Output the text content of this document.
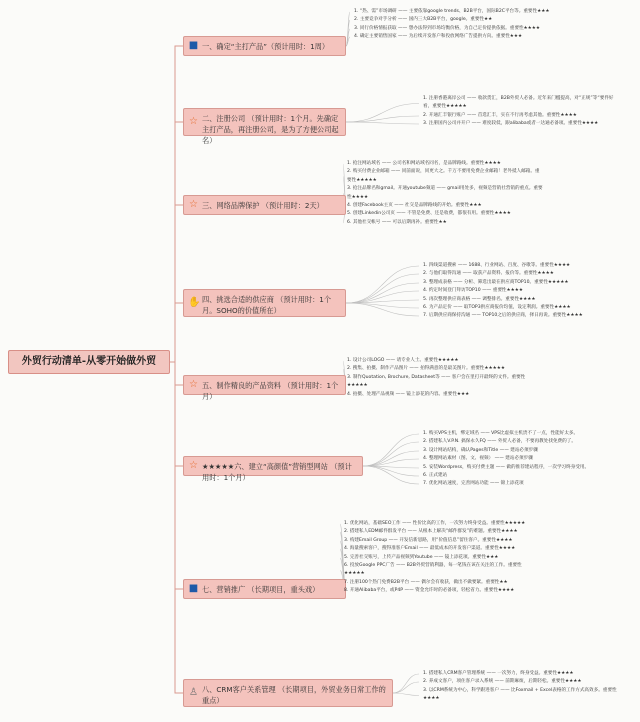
外贸行动清单-从零开始做外贸
■ 一、确定“主打产品”（预计用时：1周）
1. “热、需”市场调研 —— 主要依靠google trends、B2B平台，国际B2C平台等。重要性★★★
2. 主要竞争对手分析 —— 国内三大B2B平台，google。重要性★★
3. 同行价格情报获取 —— 想办法得到市场均衡价格，为自己定价提供依据。重要性★★★★
4. 确定主要销售国家 —— 为后续开发客户和投放网络广告提供方向。重要性★★★
☆ 二、注册公司 （预计用时：1个月。先确定主打产品，再注册公司，是为了方便公司起名）
1. 注册香港离岸公司 —— 收款货汇，B2B外贸人必备。近年来门槛提高，对“正规”等“要件好看，重要性★★★★★
2. 开通汇丰银行账户 —— 首选汇丰，实在不行再考虑其他。重要性★★★★
3. 注册国内公司并开户 —— 难度较低，跟alibaba或者一达通必备项。重要性★★★★
☆ 三、网络品牌保护 （预计用时：2天）
1. 抢注网站域名 —— 公司名和网站域名同名，是品牌路线。重要性★★★★
2. 购买付费企业邮箱 —— 同前面说，同更大之。千万不要用免费企业邮箱！老外抵人邮箱。重要性★★★★★
3. 抢注品牌名和gmail。开通youtube频道 —— gmail用处多，视频是营销社营销的重点。重要性★★★★
4. 创建Facebook主页 —— 社交是品牌路线的开始。重要性★★★
5. 创建Linkedin公司页 —— 不管是免费、还是收费，都很有用。重要性★★★★
6. 其他社交帐号 —— 可以后期再补。重要性★★
✋ 四、挑选合适的供应商 （预计用时：1个月。SOHO的价值所在）
1. 四线渠道搜索 —— 1688、行业网站、百度、谷歌等。重要性★★★★
2. 与他们取得沟通 —— 取获产品资料、报价等。重要性★★★★
3. 整理成表格 —— 分析、筛选出最在供应商TOP10。重要性★★★★★
4. 约定时间登门拜访TOP10 —— 重要性★★★★
5. 再次整理供应商表格 —— 调整排名。重要性★★★★
6. 为产品定价 —— 取TOP3供应商报价均值，设定利润。重要性★★★★
7. 后期供应商保持沟通 —— TOP10之后的供应商，择日再说。重要性★★★★
☆ 五、制作精良的产品资料 （预计用时：1个月）
1. 设计公司LOGO —— 请专业人士。重要性★★★★★
2. 搜集、拍摄、制作产品图片 —— 拍得满意的是最美图片。重要性★★★★★
3. 制作Quotation, Brochure, Datasheet等 —— 客户会在里打开最终的文件。重要性★★★★★
4. 拍摄、处理产品视频 —— 镜上添花的内容。重要性★★★
☆ ★★★★★六、建立“高颜值”营销型网站 （预计用时：1个月）
1. 购买VPS主机，绑定域名 —— VPS比虚拟主机贵不了一点，性能好太多。
2. 搭建私人V.P.N. 搞保永久FQ —— 外贸人必备，不要再教处找免费的了。
3. 设计网站结构，确认Pages和Title —— 建站必须步骤
4. 整理网站素材（图、文、视频） —— 建站必须步骤
5. 安装Wordpress，购买付费主题 —— 做的推荐建站程序，一次学习终身受用。
6. 正式建站
7. 优化网站速度，完善网站功能 —— 锦上添花项
■ 七、营销推广 （长期项目，重头戏）
1. 优化网站，基础SEO工作 —— 性价比高的工作，一次努力终身受益。重要性★★★★★
2. 搭建私人EDM邮件群发平台 —— 从根本上解决“邮件群发”的难题。重要性★★★★
3. 构建Email Group —— 开发信新思路，用“价值信息”留住客户。重要性★★★★
4. 海量搜索客户，搜得准客户Email —— 最低成本的开发客户渠道。重要性★★★★
5. 完善社交账号，上传产品视频到Youtube —— 镜上添花项。重要性★★★
6. 投放Google PPC广告 —— B2B外贸营销利器，每一笔钱在该在关注的工作。重要性★★★★★
7. 注册100个热门免费B2B平台 —— 偶尔会有收获，做出不做要紧。重要性★★
8. 开通Alibaba平台，或P4P —— 资金允许时的必备项，轻松省力。重要性★★★★
♙ 八、CRM客户关系管理 （长期项目，外贸业务日常工作的重点）
1. 搭建私人CRM客户管理系统 —— 一次努力，终身受益。重要性★★★★
2. 养成文客户，项住客户录入系统 —— 前期麻烦，后期轻松。重要性★★★★
3. 以CRM系统为中心，科学跟进客户 —— 比Foxmail + Excel表格的工作方式高效多。重要性★★★★
